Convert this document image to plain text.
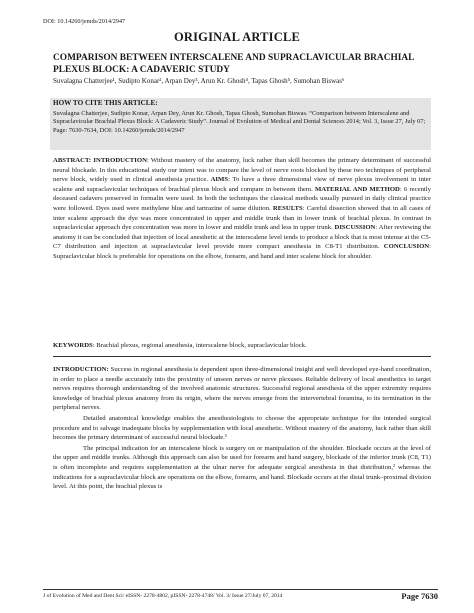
DOI: 10.14260/jemds/2014/2947
ORIGINAL ARTICLE
COMPARISON BETWEEN INTERSCALENE AND SUPRACLAVICULAR BRACHIAL PLEXUS BLOCK: A CADAVERIC STUDY
Suvalagna Chatterjee¹, Sudipto Konar², Arpan Dey³, Arun Kr. Ghosh⁴, Tapas Ghosh⁵, Sumohan Biswas⁶
HOW TO CITE THIS ARTICLE:
Suvalagna Chatterjee, Sudipto Konar, Arpan Dey, Arun Kr. Ghosh, Tapas Ghosh, Sumohan Biswas. “Comparison between Interscalene and Supraclavicular Brachial Plexus Block: A Cadaveric Study”. Journal of Evolution of Medical and Dental Sciences 2014; Vol. 3, Issue 27, July 07; Page: 7630-7634, DOI: 10.14260/jemds/2014/2947
ABSTRACT: INTRODUCTION: Without mastery of the anatomy, luck rather than skill becomes the primary determinant of successful neural blockade. In this educational study our intent was to compare the level of nerve roots blocked by these two techniques of peripheral nerve block, widely used in clinical anesthesia practice. AIMS: To have a three dimensional view of nerve plexus involvement in inter scalene and supraclavicular techniques of brachial plexus block and compare in between them. MATERIAL AND METHOD: 6 recently deceased cadavers preserved in formalin were used. In both the techniques the classical methods usually pursued in daily clinical practice were followed. Dyes used were methylene blue and tartrazine of same dilution. RESULTS: Careful dissection showed that in all cases of inter scalene approach the dye was more concentrated in upper and middle trunk than in lower trunk of brachial plexus. In contrast in supraclavicular approach dye concentration was more in lower and middle trunk and less in upper trunk. DISCUSSION: After reviewing the anatomy it can be concluded that injection of local anesthetic at the interscalene level tends to produce a block that is most intense at the C5-C7 distribution and injection at supraclavicular level provide more compact anesthesia in C8-T1 distribution. CONCLUSION: Supraclavicular block is preferable for operations on the elbow, forearm, and hand and inter scalene block for shoulder.
KEYWORDS: Brachial plexus, regional anesthesia, interscalene block, supraclavicular block.

INTRODUCTION: Success in regional anesthesia is dependent upon three-dimensional insight and well developed eye-hand coordination, in order to place a needle accurately into the proximity of unseen nerves or nerve plexuses. Reliable delivery of local anesthetics to target nerves requires thorough understanding of the involved anatomic structures. Successful regional anesthesia of the upper extremity requires knowledge of brachial plexus anatomy from its origin, where the nerves emerge from the intervertebral foramina, to its termination in the peripheral nerves.

Detailed anatomical knowledge enables the anesthesiologists to choose the appropriate technique for the intended surgical procedure and to salvage inadequate blocks by supplementation with local anesthetic. Without mastery of the anatomy, luck rather than skill becomes the primary determinant of successful neural blockade.¹

The principal indication for an interscalene block is surgery on or manipulation of the shoulder. Blockade occurs at the level of the upper and middle trunks. Although this approach can also be used for forearm and hand surgery, blockade of the inferior trunk (C8, T1) is often incomplete and requires supplementation at the ulnar nerve for adequate surgical anesthesia in that distribution,² whereas the indications for a supraclavicular block are operations on the elbow, forearm, and hand. Blockade occurs at the distal trunk–proximal division level. At this point, the brachial plexus is

J of Evolution of Med and Dent Sci/ eISSN- 2278-4802, pISSN- 2278-4748/ Vol. 3/ Issue 27/July 07, 2014	Page 7630
